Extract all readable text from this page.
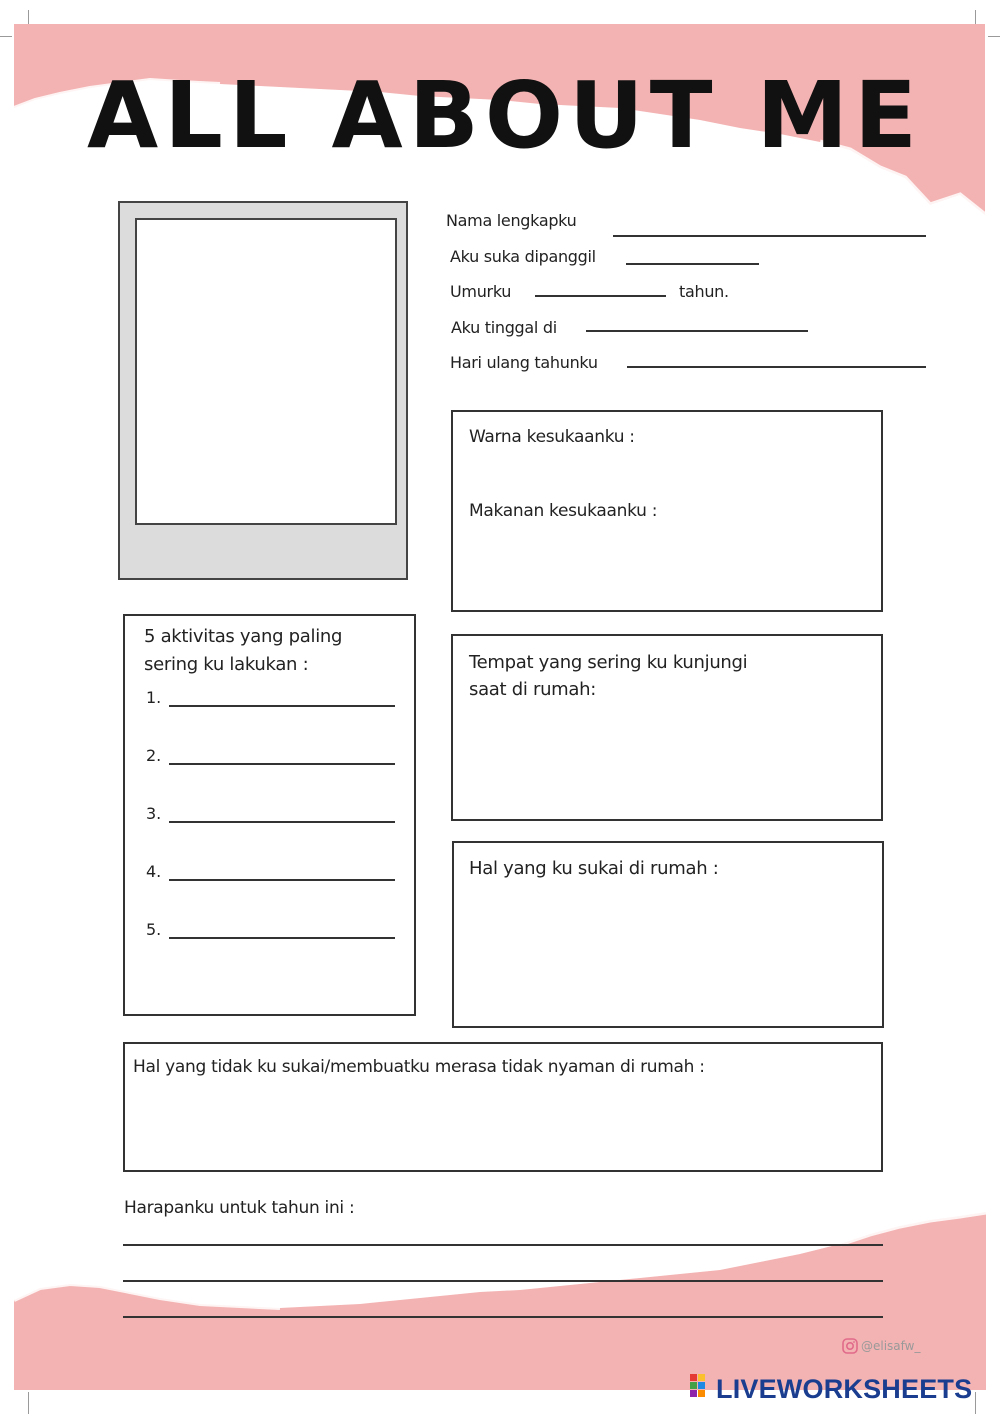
ALL ABOUT ME
Nama lengkapku
Aku suka dipanggil
Umurku	tahun.
Aku tinggal di
Hari ulang tahunku
Warna kesukaanku :
Makanan kesukaanku :
5 aktivitas yang paling
sering ku lakukan :
1.
2.
3.
4.
5.
Tempat yang sering ku kunjungi
saat di rumah:
Hal yang ku sukai di rumah :
Hal yang tidak ku sukai/membuatku merasa tidak nyaman di rumah :
Harapanku untuk tahun ini :
@elisafw_
LIVEWORKSHEETS
